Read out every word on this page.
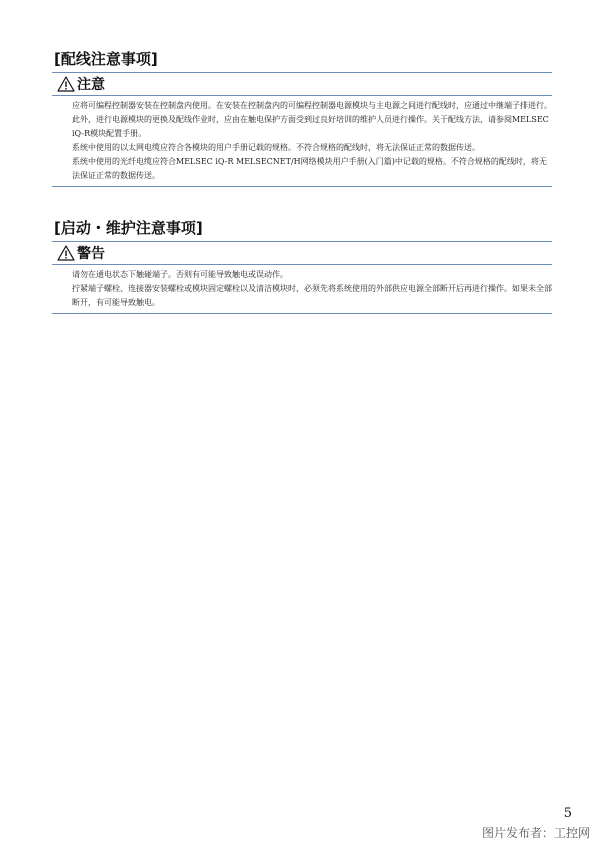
[配线注意事项]
注意

应将可编程控制器安装在控制盘内使用。在安装在控制盘内的可编程控制器电源模块与主电源之间进行配线时，应通过中继端子排进行。此外，进行电源模块的更换及配线作业时，应由在触电保护方面受到过良好培训的维护人员进行操作。关于配线方法，请参阅MELSEC iQ-R模块配置手册。

系统中使用的以太网电缆应符合各模块的用户手册记载的规格。不符合规格的配线时，将无法保证正常的数据传送。

系统中使用的光纤电缆应符合MELSEC iQ-R MELSECNET/H网络模块用户手册(入门篇)中记载的规格。不符合规格的配线时，将无法保证正常的数据传送。

[启动・维护注意事项]
警告

请勿在通电状态下触碰端子。否则有可能导致触电或误动作。

拧紧端子螺栓、连接器安装螺栓或模块固定螺栓以及清洁模块时，必须先将系统使用的外部供应电源全部断开后再进行操作。如果未全部断开，有可能导致触电。

5
图片发布者：工控网
